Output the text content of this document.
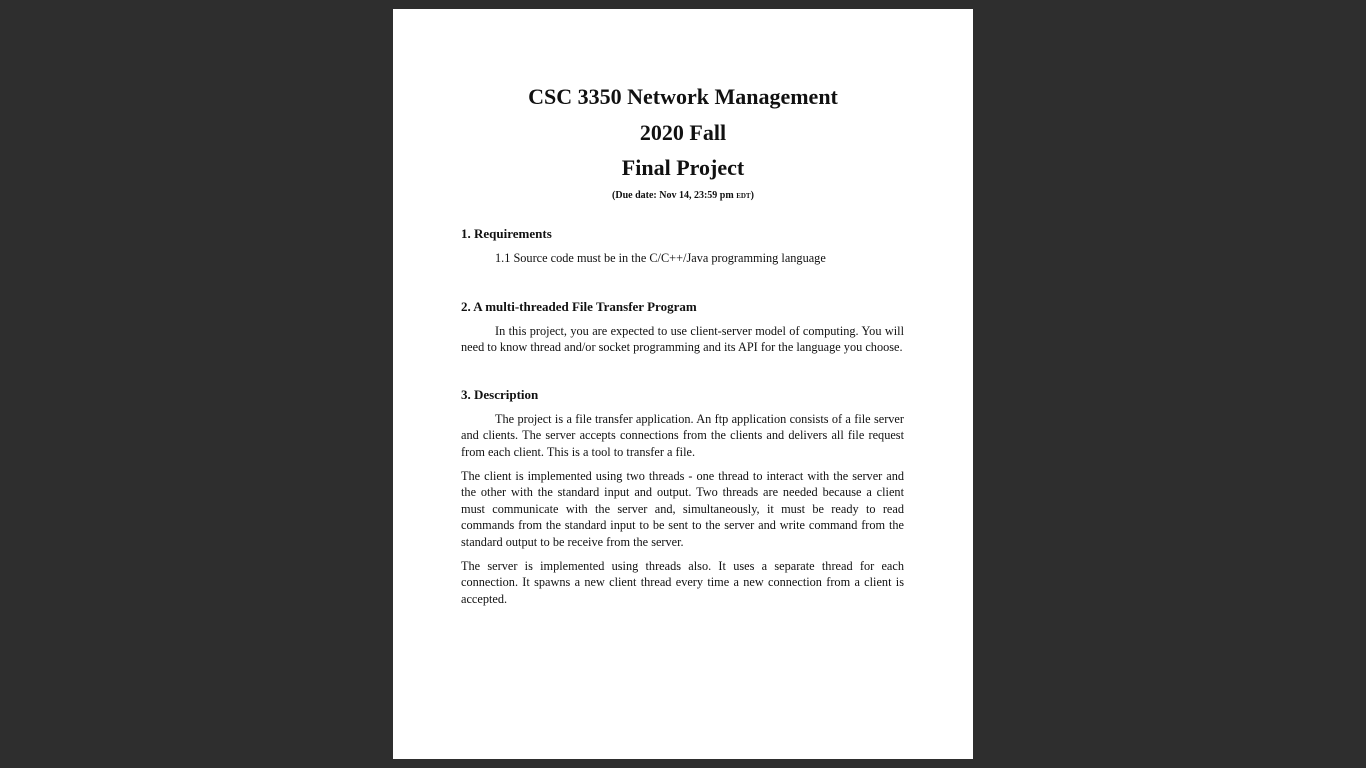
CSC 3350 Network Management
2020 Fall
Final Project
(Due date: Nov 14, 23:59 pm EDT)
1. Requirements
1.1 Source code must be in the C/C++/Java programming language
2. A multi-threaded File Transfer Program
In this project, you are expected to use client-server model of computing. You will need to know thread and/or socket programming and its API for the language you choose.
3. Description
The project is a file transfer application. An ftp application consists of a file server and clients. The server accepts connections from the clients and delivers all file request from each client. This is a tool to transfer a file.
The client is implemented using two threads - one thread to interact with the server and the other with the standard input and output. Two threads are needed because a client must communicate with the server and, simultaneously, it must be ready to read commands from the standard input to be sent to the server and write command from the standard output to be receive from the server.
The server is implemented using threads also. It uses a separate thread for each connection. It spawns a new client thread every time a new connection from a client is accepted.
